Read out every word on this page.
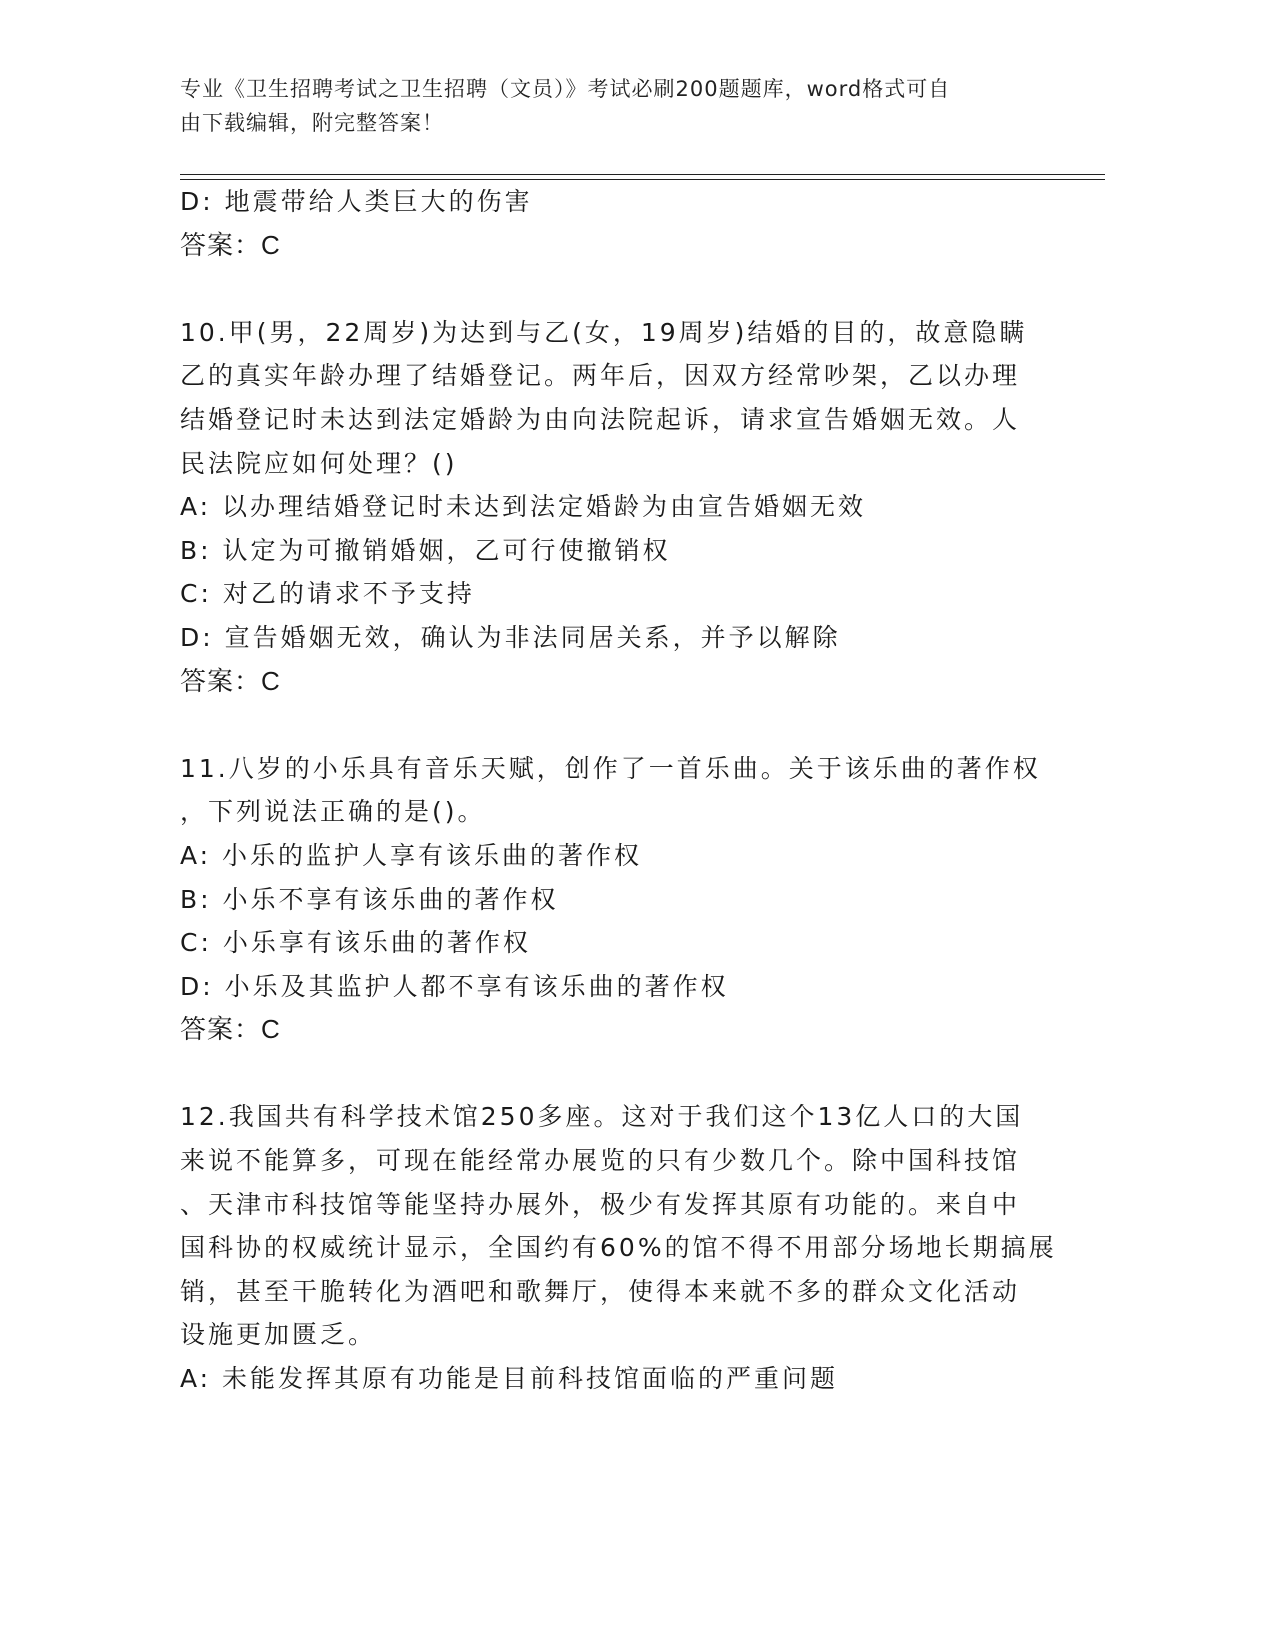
专业《卫生招聘考试之卫生招聘（文员）》考试必刷200题题库，word格式可自
由下载编辑，附完整答案！
D: 地震带给人类巨大的伤害
答案：C
10.甲(男，22周岁)为达到与乙(女，19周岁)结婚的目的，故意隐瞒
乙的真实年龄办理了结婚登记。两年后，因双方经常吵架，乙以办理
结婚登记时未达到法定婚龄为由向法院起诉，请求宣告婚姻无效。人
民法院应如何处理？()
A: 以办理结婚登记时未达到法定婚龄为由宣告婚姻无效
B: 认定为可撤销婚姻，乙可行使撤销权
C: 对乙的请求不予支持
D: 宣告婚姻无效，确认为非法同居关系，并予以解除
答案：C
11.八岁的小乐具有音乐天赋，创作了一首乐曲。关于该乐曲的著作权
，下列说法正确的是()。
A: 小乐的监护人享有该乐曲的著作权
B: 小乐不享有该乐曲的著作权
C: 小乐享有该乐曲的著作权
D: 小乐及其监护人都不享有该乐曲的著作权
答案：C
12.我国共有科学技术馆250多座。这对于我们这个13亿人口的大国
来说不能算多，可现在能经常办展览的只有少数几个。除中国科技馆
、天津市科技馆等能坚持办展外，极少有发挥其原有功能的。来自中
国科协的权威统计显示，全国约有60%的馆不得不用部分场地长期搞展
销，甚至干脆转化为酒吧和歌舞厅，使得本来就不多的群众文化活动
设施更加匮乏。
A: 未能发挥其原有功能是目前科技馆面临的严重问题
